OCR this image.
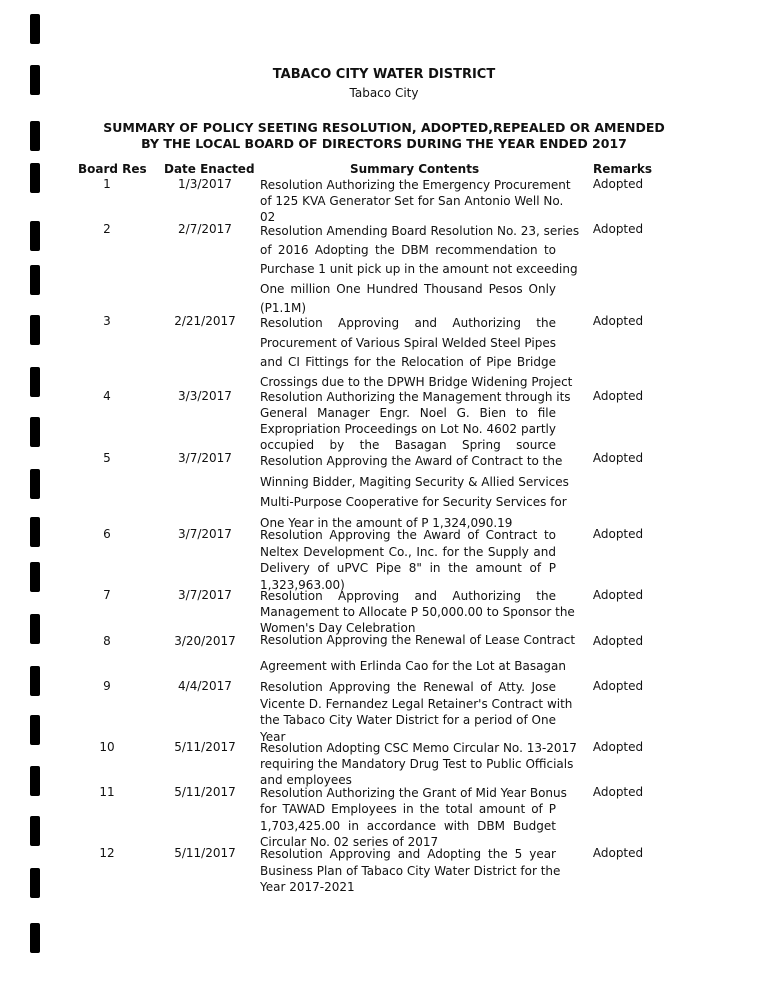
TABACO CITY WATER DISTRICT
Tabaco City
SUMMARY OF POLICY SEETING RESOLUTION, ADOPTED,REPEALED OR AMENDED
BY THE LOCAL BOARD OF DIRECTORS DURING THE YEAR ENDED 2017
Board Res Date Enacted	Summary Contents	Remarks
1	1/3/2017	Resolution Authorizing the Emergency Procurement
of 125 KVA Generator Set for San Antonio Well No.
02
Adopted
2	2/7/2017	Resolution Amending Board Resolution No. 23, series
of 2016 Adopting the DBM recommendation to
Purchase 1 unit pick up in the amount not exceeding
One million One Hundred Thousand Pesos Only
(P1.1M)
Adopted
3	2/21/2017	Resolution Approving and Authorizing the
Procurement of Various Spiral Welded Steel Pipes
and CI Fittings for the Relocation of Pipe Bridge
Crossings due to the DPWH Bridge Widening Project
Adopted
4	3/3/2017	Resolution Authorizing the Management through its
General Manager Engr. Noel G. Bien to file
Expropriation Proceedings on Lot No. 4602 partly
occupied by the Basagan Spring source
Adopted
5	3/7/2017	Resolution Approving the Award of Contract to the
Winning Bidder, Magiting Security & Allied Services
Multi-Purpose Cooperative for Security Services for
One Year in the amount of P 1,324,090.19
Adopted
6	3/7/2017	Resolution Approving the Award of Contract to
Neltex Development Co., Inc. for the Supply and
Delivery of uPVC Pipe 8" in the amount of P
1,323,963.00)
Adopted
7	3/7/2017	Resolution Approving and Authorizing the
Management to Allocate P 50,000.00 to Sponsor the
Women's Day Celebration
Adopted
8	3/20/2017	Resolution Approving the Renewal of Lease Contract
Agreement with Erlinda Cao for the Lot at Basagan
Adopted
9	4/4/2017	Resolution Approving the Renewal of Atty. Jose
Vicente D. Fernandez Legal Retainer's Contract with
the Tabaco City Water District for a period of One
Year
Adopted
10	5/11/2017	Resolution Adopting CSC Memo Circular No. 13-2017
requiring the Mandatory Drug Test to Public Officials
and employees
Adopted
11	5/11/2017	Resolution Authorizing the Grant of Mid Year Bonus
for TAWAD Employees in the total amount of P
1,703,425.00 in accordance with DBM Budget
Circular No. 02 series of 2017
Adopted
12	5/11/2017	Resolution Approving and Adopting the 5 year
Business Plan of Tabaco City Water District for the
Year 2017-2021
Adopted
